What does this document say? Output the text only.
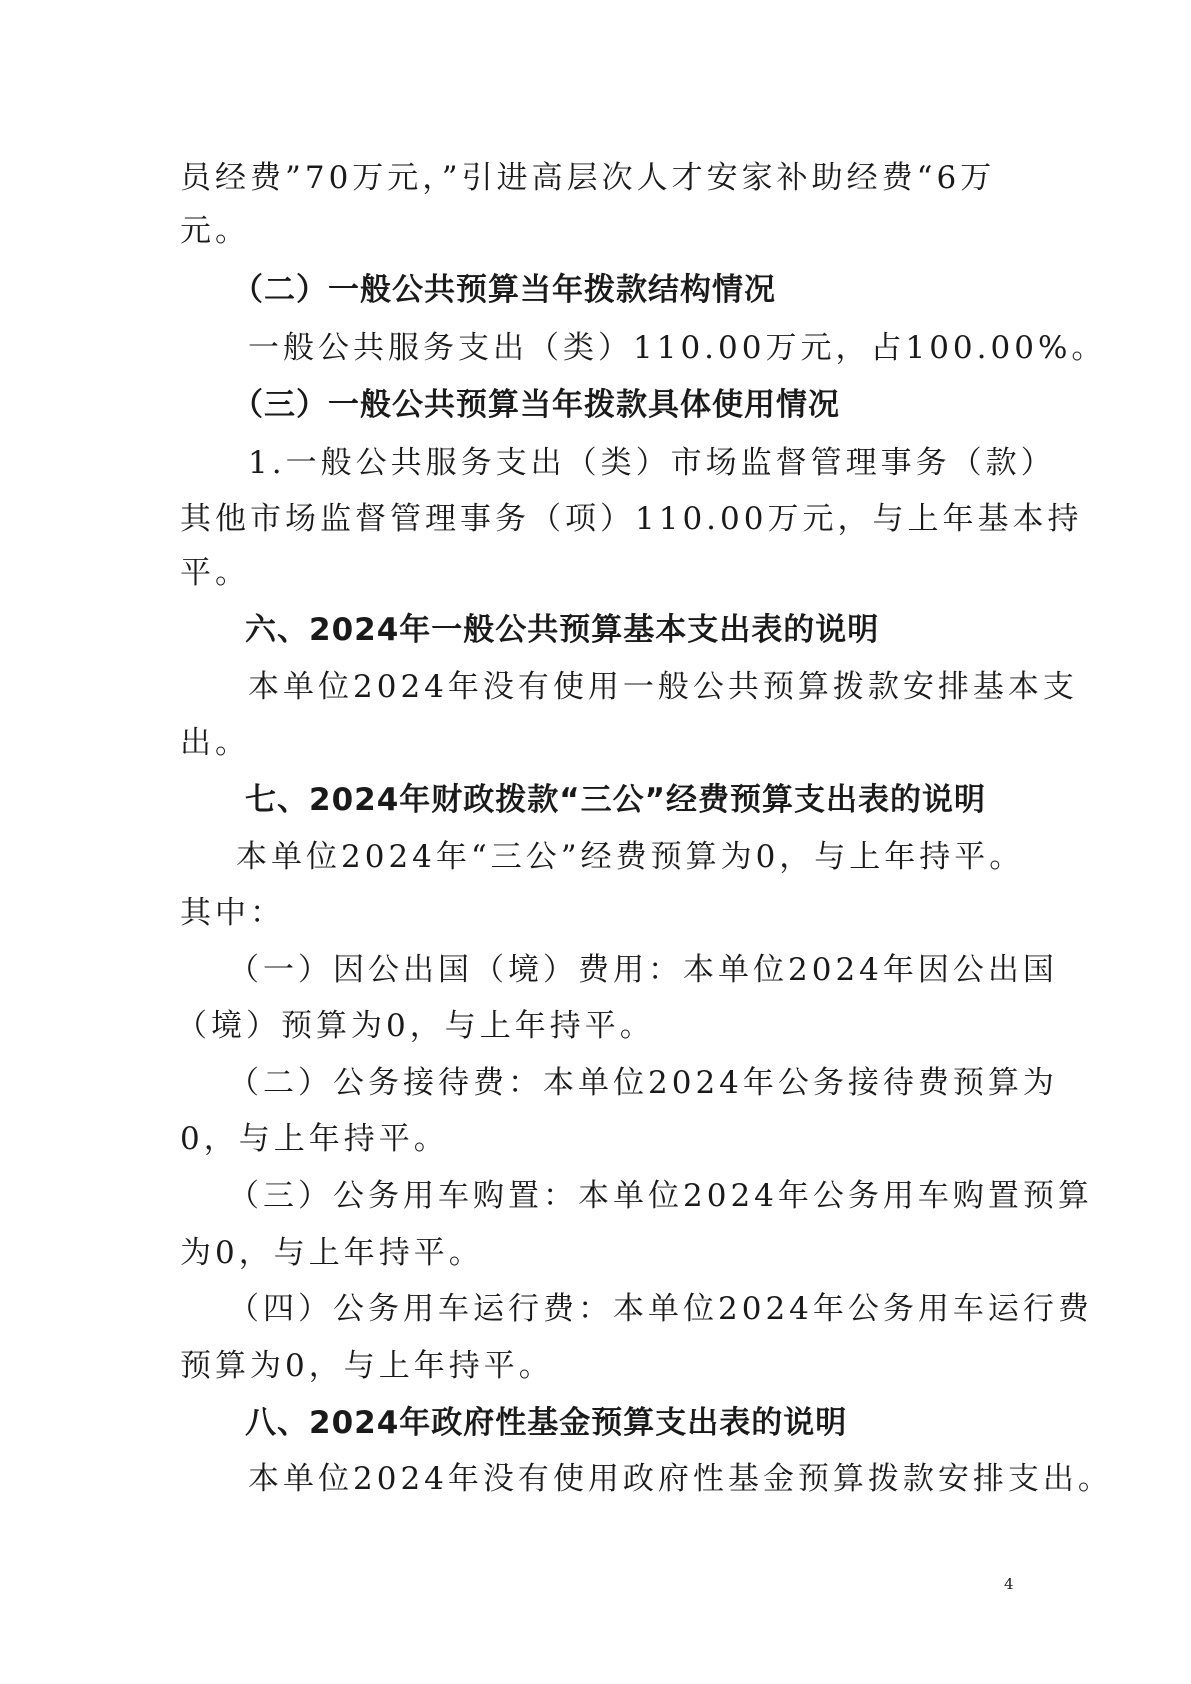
员经费”70万元，”引进高层次人才安家补助经费“6万

元。

（二）一般公共预算当年拨款结构情况

一般公共服务支出（类）110.00万元，占100.00%。

（三）一般公共预算当年拨款具体使用情况

1.一般公共服务支出（类）市场监督管理事务（款）

其他市场监督管理事务（项）110.00万元，与上年基本持

平。

六、2024年一般公共预算基本支出表的说明

本单位2024年没有使用一般公共预算拨款安排基本支

出。

七、2024年财政拨款“三公”经费预算支出表的说明

本单位2024年“三公”经费预算为0，与上年持平。

其中：

（一）因公出国（境）费用：本单位2024年因公出国

（境）预算为0，与上年持平。

（二）公务接待费：本单位2024年公务接待费预算为

0，与上年持平。

（三）公务用车购置：本单位2024年公务用车购置预算

为0，与上年持平。

（四）公务用车运行费：本单位2024年公务用车运行费

预算为0，与上年持平。

八、2024年政府性基金预算支出表的说明

本单位2024年没有使用政府性基金预算拨款安排支出。

4
